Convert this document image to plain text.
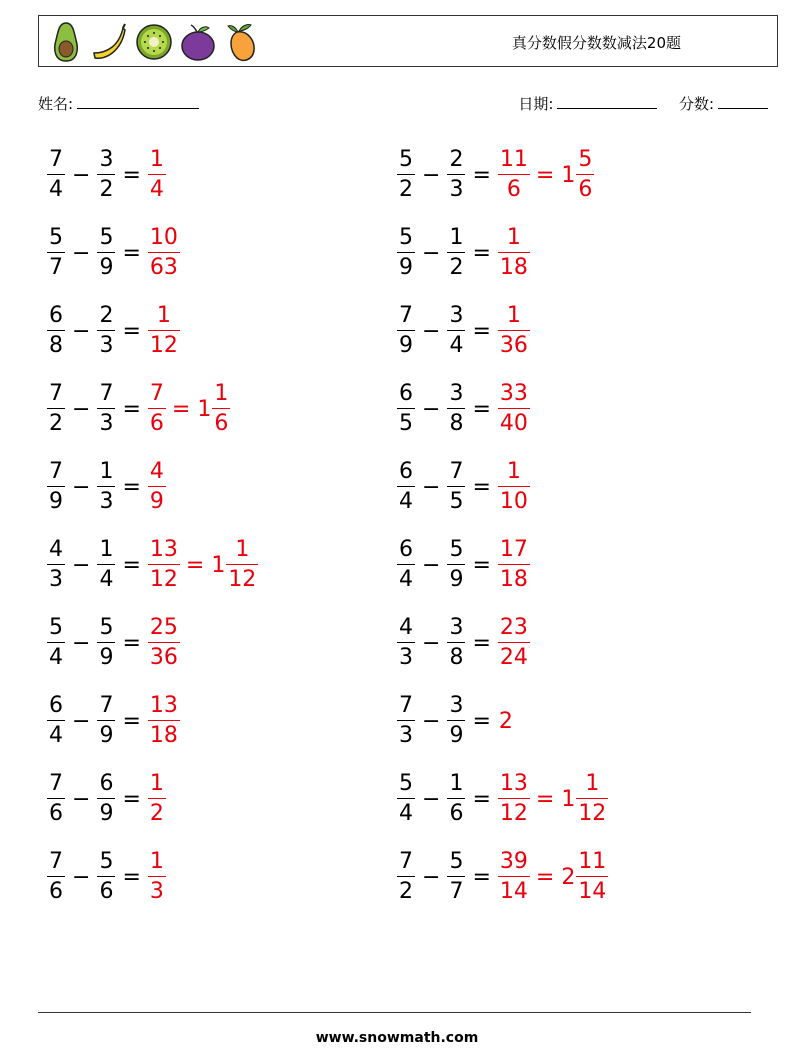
真分数假分数数减法20题
姓名:	日期:	分数:
$\frac{7}{4} - \frac{3}{2} = \frac{1}{4}$
$\frac{5}{7} - \frac{5}{9} = \frac{10}{63}$
$\frac{6}{8} - \frac{2}{3} = \frac{1}{12}$
$\frac{7}{2} - \frac{7}{3} = \frac{7}{6} = 1 \frac{1}{6}$
$\frac{7}{9} - \frac{1}{3} = \frac{4}{9}$
$\frac{4}{3} - \frac{1}{4} = \frac{13}{12} = 1 \frac{1}{12}$
$\frac{5}{4} - \frac{5}{9} = \frac{25}{36}$
$\frac{6}{4} - \frac{7}{9} = \frac{13}{18}$
$\frac{7}{6} - \frac{6}{9} = \frac{1}{2}$
$\frac{7}{6} - \frac{5}{6} = \frac{1}{3}$
$\frac{5}{2} - \frac{2}{3} = \frac{11}{6} = 1 \frac{5}{6}$
$\frac{5}{9} - \frac{1}{2} = \frac{1}{18}$
$\frac{7}{9} - \frac{3}{4} = \frac{1}{36}$
$\frac{6}{5} - \frac{3}{8} = \frac{33}{40}$
$\frac{6}{4} - \frac{7}{5} = \frac{1}{10}$
$\frac{6}{4} - \frac{5}{9} = \frac{17}{18}$
$\frac{4}{3} - \frac{3}{8} = \frac{23}{24}$
$\frac{7}{3} - \frac{3}{9} = 2$
$\frac{5}{4} - \frac{1}{6} = \frac{13}{12} = 1 \frac{1}{12}$
$\frac{7}{2} - \frac{5}{7} = \frac{39}{14} = 2 \frac{11}{14}$
www.snowmath.com
